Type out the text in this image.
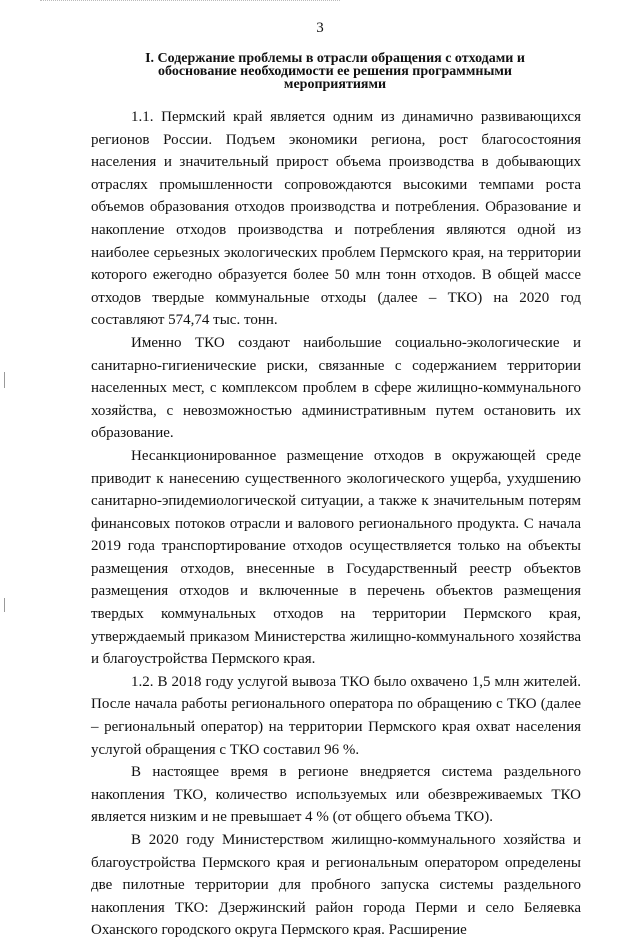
3
I. Содержание проблемы в отрасли обращения с отходами и обоснование необходимости ее решения программными мероприятиями

1.1. Пермский край является одним из динамично развивающихся регионов России. Подъем экономики региона, рост благосостояния населения и значительный прирост объема производства в добывающих отраслях промышленности сопровождаются высокими темпами роста объемов образования отходов производства и потребления. Образование и накопление отходов производства и потребления являются одной из наиболее серьезных экологических проблем Пермского края, на территории которого ежегодно образуется более 50 млн тонн отходов. В общей массе отходов твердые коммунальные отходы (далее – ТКО) на 2020 год составляют 574,74 тыс. тонн.

Именно ТКО создают наибольшие социально-экологические и санитарно-гигиенические риски, связанные с содержанием территории населенных мест, с комплексом проблем в сфере жилищно-коммунального хозяйства, с невозможностью административным путем остановить их образование.

Несанкционированное размещение отходов в окружающей среде приводит к нанесению существенного экологического ущерба, ухудшению санитарно-эпидемиологической ситуации, а также к значительным потерям финансовых потоков отрасли и валового регионального продукта. С начала 2019 года транспортирование отходов осуществляется только на объекты размещения отходов, внесенные в Государственный реестр объектов размещения отходов и включенные в перечень объектов размещения твердых коммунальных отходов на территории Пермского края, утверждаемый приказом Министерства жилищно-коммунального хозяйства и благоустройства Пермского края.

1.2. В 2018 году услугой вывоза ТКО было охвачено 1,5 млн жителей. После начала работы регионального оператора по обращению с ТКО (далее – региональный оператор) на территории Пермского края охват населения услугой обращения с ТКО составил 96 %.

В настоящее время в регионе внедряется система раздельного накопления ТКО, количество используемых или обезвреживаемых ТКО является низким и не превышает 4 % (от общего объема ТКО).

В 2020 году Министерством жилищно-коммунального хозяйства и благоустройства Пермского края и региональным оператором определены две пилотные территории для пробного запуска системы раздельного накопления ТКО: Дзержинский район города Перми и село Беляевка Оханского городского округа Пермского края. Расширение
